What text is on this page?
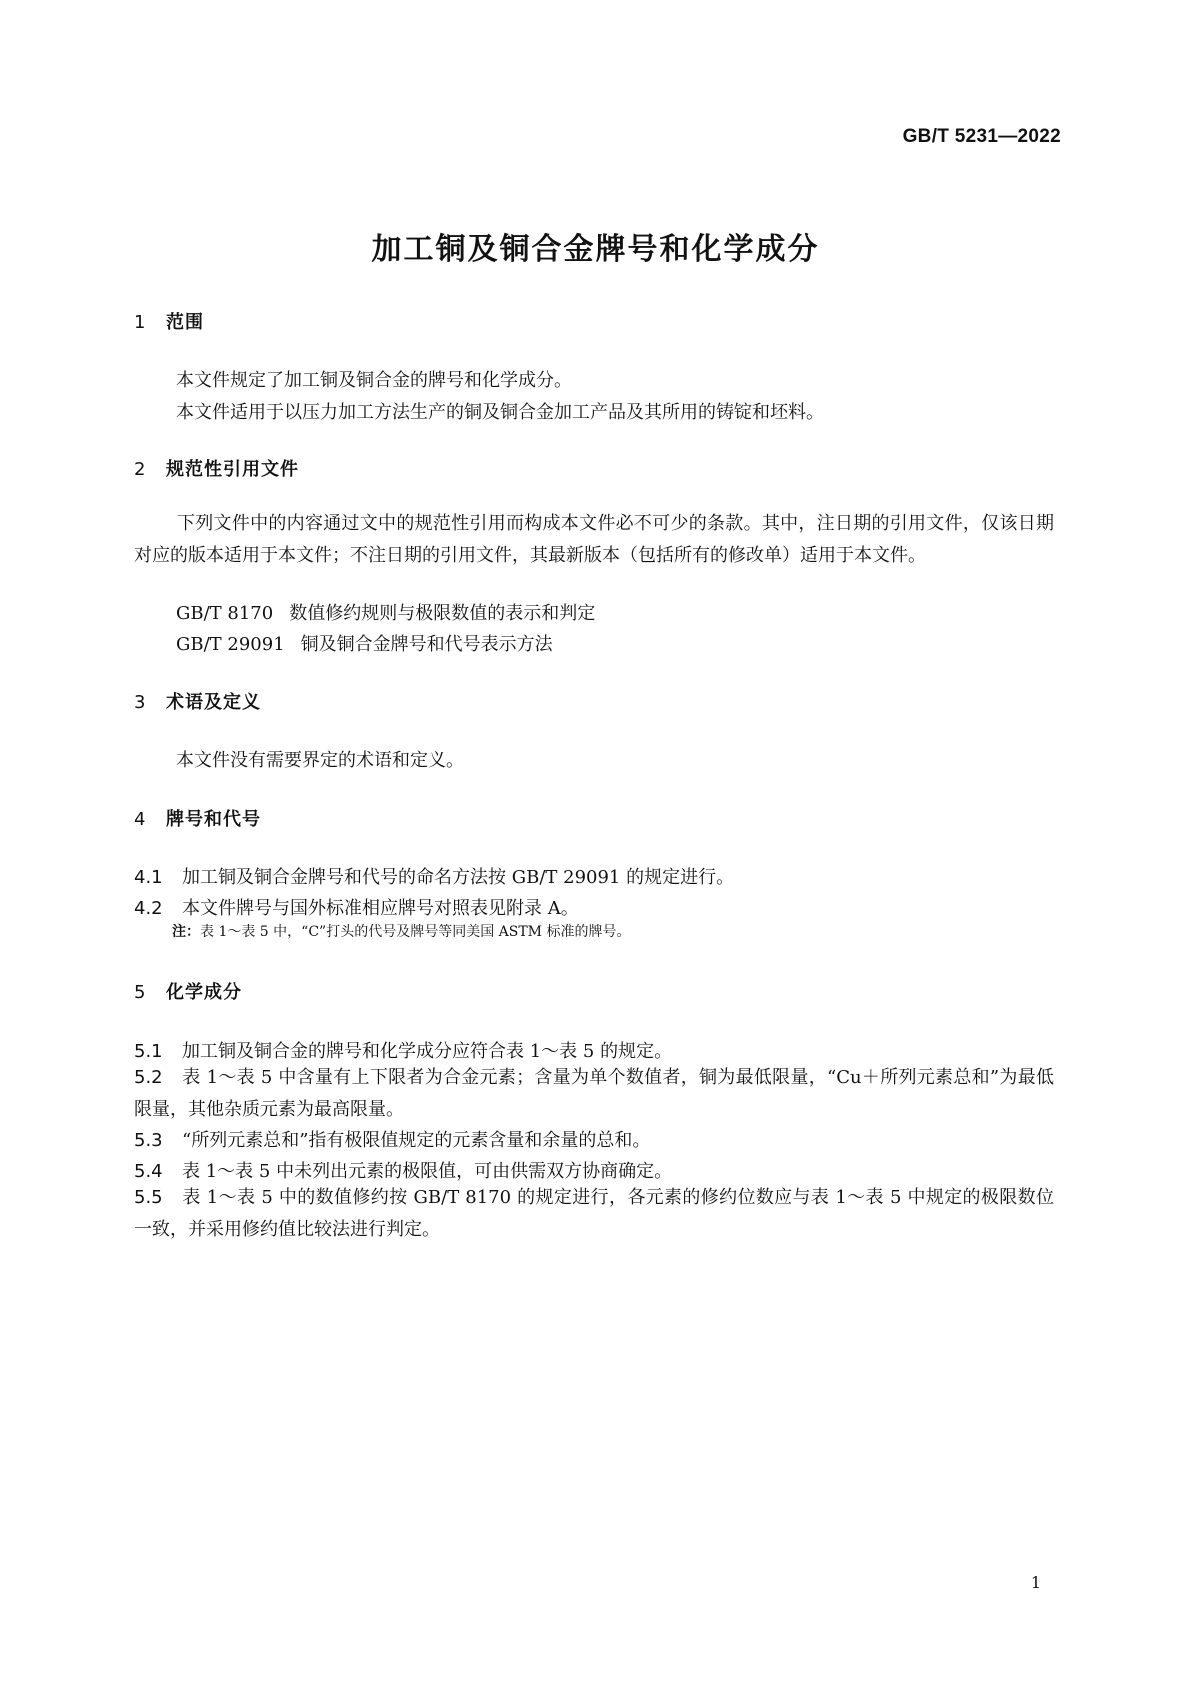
GB/T 5231—2022
加工铜及铜合金牌号和化学成分
1 范围
本文件规定了加工铜及铜合金的牌号和化学成分。
本文件适用于以压力加工方法生产的铜及铜合金加工产品及其所用的铸锭和坯料。
2 规范性引用文件
下列文件中的内容通过文中的规范性引用而构成本文件必不可少的条款。其中，注日期的引用文件，仅该日期对应的版本适用于本文件；不注日期的引用文件，其最新版本（包括所有的修改单）适用于本文件。
GB/T 8170 数值修约规则与极限数值的表示和判定
GB/T 29091 铜及铜合金牌号和代号表示方法
3 术语及定义
本文件没有需要界定的术语和定义。
4 牌号和代号
4.1 加工铜及铜合金牌号和代号的命名方法按 GB/T 29091 的规定进行。
4.2 本文件牌号与国外标准相应牌号对照表见附录 A。
注：表 1～表 5 中，“C”打头的代号及牌号等同美国 ASTM 标准的牌号。
5 化学成分
5.1 加工铜及铜合金的牌号和化学成分应符合表 1～表 5 的规定。
5.2 表 1～表 5 中含量有上下限者为合金元素；含量为单个数值者，铜为最低限量，“Cu＋所列元素总和”为最低限量，其他杂质元素为最高限量。
5.3 “所列元素总和”指有极限值规定的元素含量和余量的总和。
5.4 表 1～表 5 中未列出元素的极限值，可由供需双方协商确定。
5.5 表 1～表 5 中的数值修约按 GB/T 8170 的规定进行，各元素的修约位数应与表 1～表 5 中规定的极限数位一致，并采用修约值比较法进行判定。
1
